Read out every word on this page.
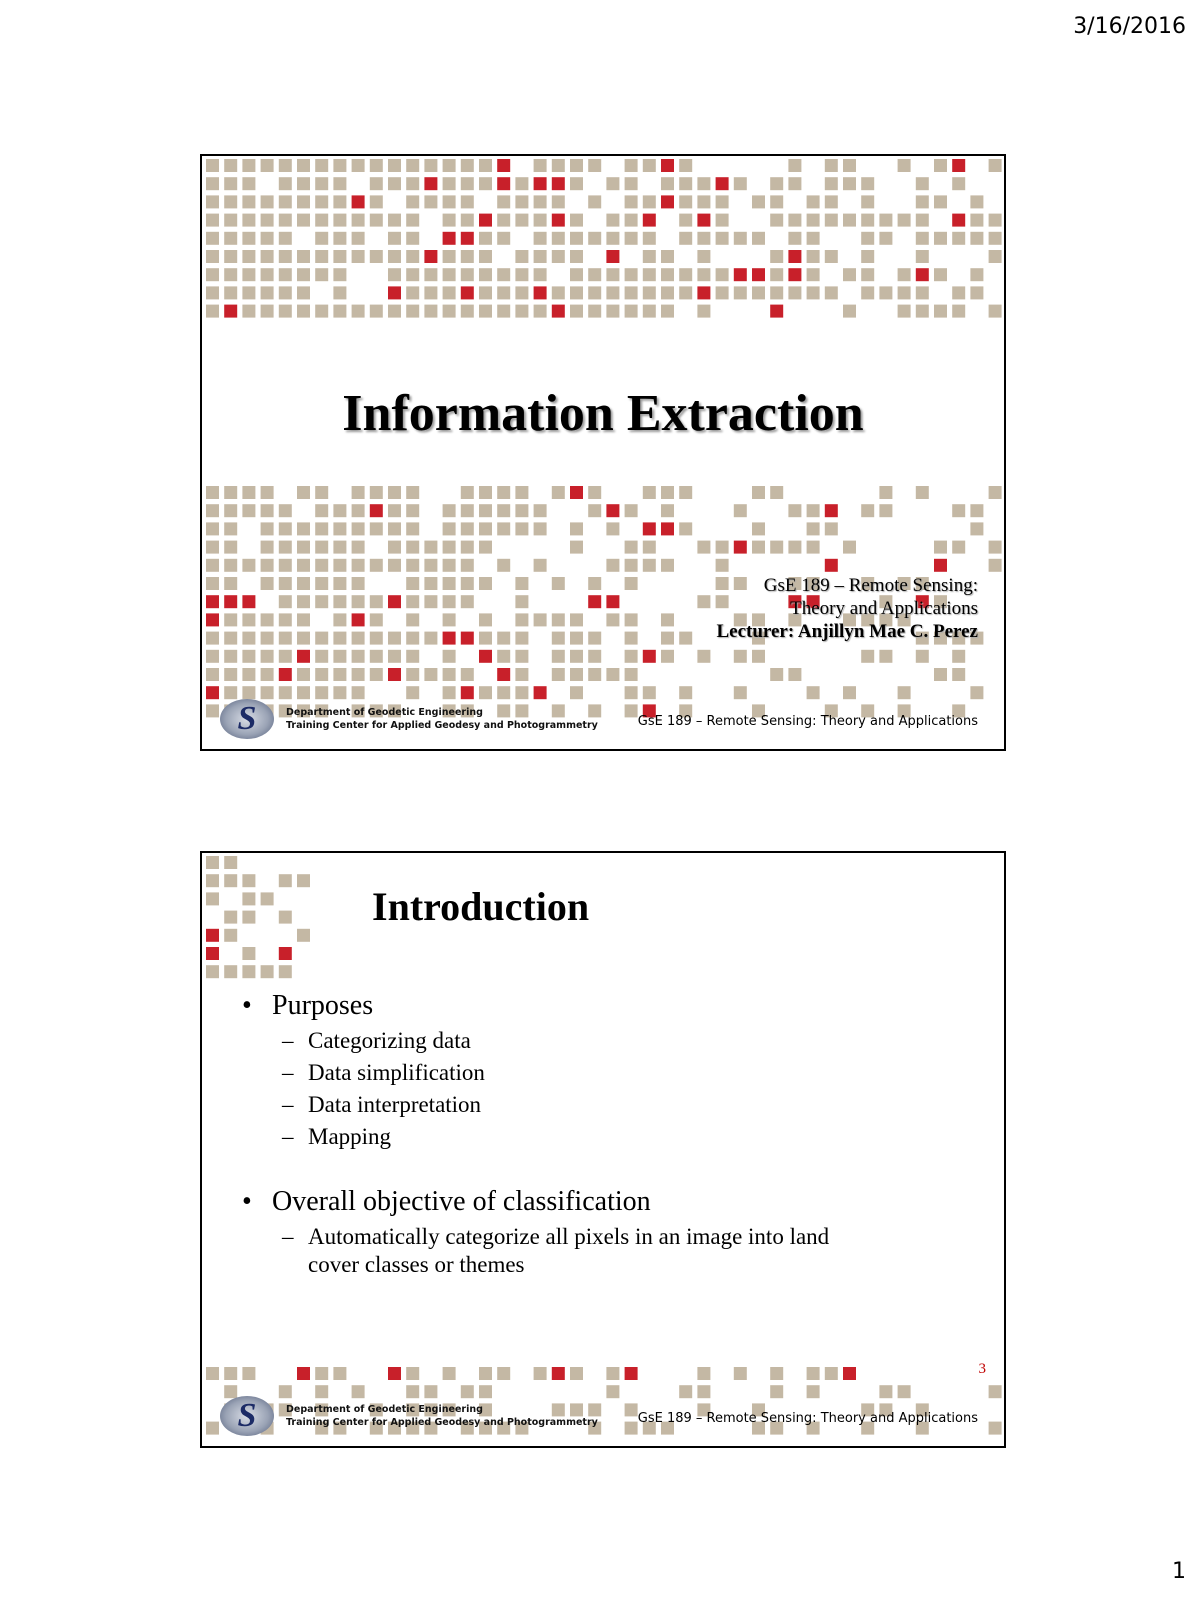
3/16/2016
Information Extraction
GsE 189 – Remote Sensing:
Theory and Applications
Lecturer: Anjillyn Mae C. Perez
S	Department of Geodetic Engineering
Training Center for Applied Geodesy and Photogrammetry	GsE 189 – Remote Sensing: Theory and Applications
Introduction
• Purposes
– Categorizing data
– Data simplification
– Data interpretation
– Mapping
• Overall objective of classification
– Automatically categorize all pixels in an image into land
cover classes or themes
3
S	Department of Geodetic Engineering
Training Center for Applied Geodesy and Photogrammetry	GsE 189 – Remote Sensing: Theory and Applications
1
